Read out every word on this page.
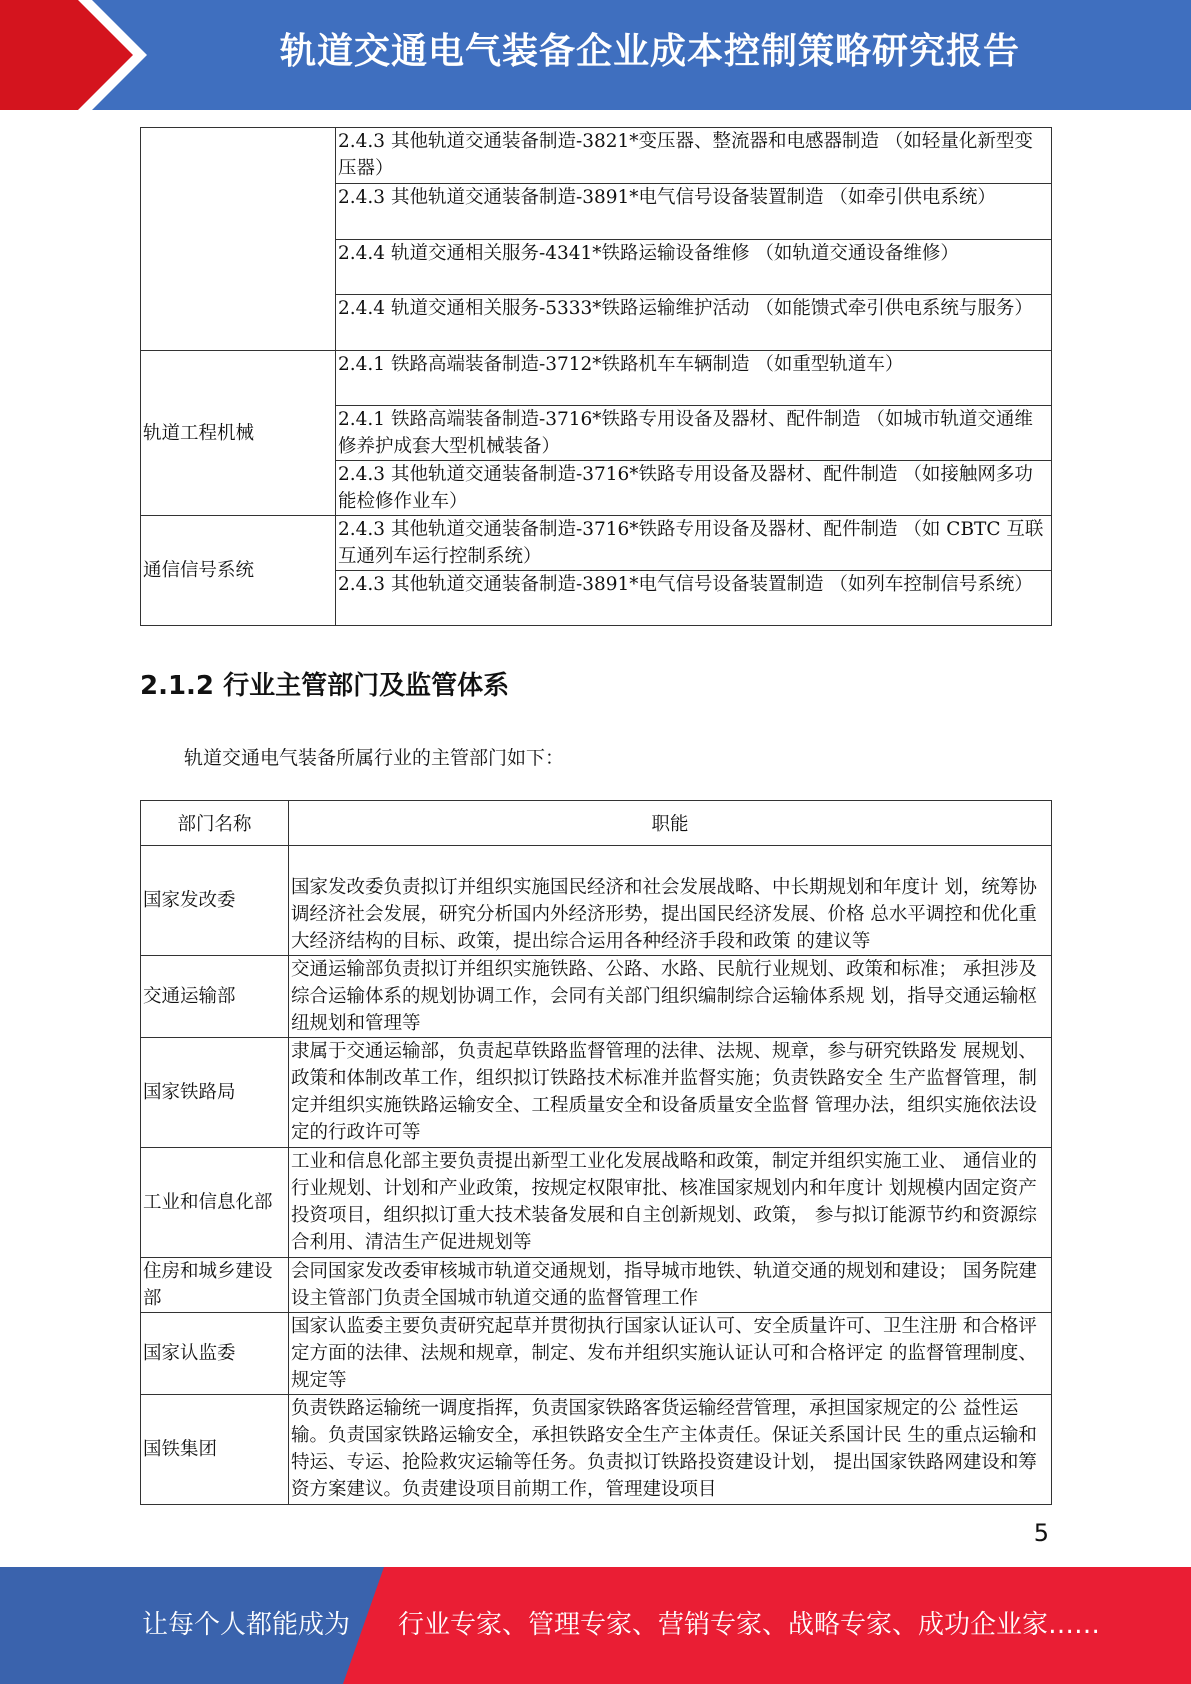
轨道交通电气装备企业成本控制策略研究报告
	2.4.3 其他轨道交通装备制造-3821*变压器、整流器和电感器制造 （如轻量化新型变压器）
	2.4.3 其他轨道交通装备制造-3891*电气信号设备装置制造 （如牵引供电系统）
	2.4.4 轨道交通相关服务-4341*铁路运输设备维修 （如轨道交通设备维修）
	2.4.4 轨道交通相关服务-5333*铁路运输维护活动 （如能馈式牵引供电系统与服务）
轨道工程机械	2.4.1 铁路高端装备制造-3712*铁路机车车辆制造 （如重型轨道车）
	2.4.1 铁路高端装备制造-3716*铁路专用设备及器材、配件制造 （如城市轨道交通维修养护成套大型机械装备）
	2.4.3 其他轨道交通装备制造-3716*铁路专用设备及器材、配件制造 （如接触网多功能检修作业车）
通信信号系统	2.4.3 其他轨道交通装备制造-3716*铁路专用设备及器材、配件制造 （如 CBTC 互联互通列车运行控制系统）
	2.4.3 其他轨道交通装备制造-3891*电气信号设备装置制造 （如列车控制信号系统）
2.1.2 行业主管部门及监管体系
轨道交通电气装备所属行业的主管部门如下：
部门名称	职能
国家发改委	国家发改委负责拟订并组织实施国民经济和社会发展战略、中长期规划和年度计 划，统筹协调经济社会发展，研究分析国内外经济形势，提出国民经济发展、价格 总水平调控和优化重大经济结构的目标、政策，提出综合运用各种经济手段和政策 的建议等
交通运输部	交通运输部负责拟订并组织实施铁路、公路、水路、民航行业规划、政策和标准； 承担涉及综合运输体系的规划协调工作，会同有关部门组织编制综合运输体系规 划，指导交通运输枢纽规划和管理等
国家铁路局	隶属于交通运输部，负责起草铁路监督管理的法律、法规、规章，参与研究铁路发 展规划、政策和体制改革工作，组织拟订铁路技术标准并监督实施；负责铁路安全 生产监督管理，制定并组织实施铁路运输安全、工程质量安全和设备质量安全监督 管理办法，组织实施依法设定的行政许可等
工业和信息化部	工业和信息化部主要负责提出新型工业化发展战略和政策，制定并组织实施工业、 通信业的行业规划、计划和产业政策，按规定权限审批、核准国家规划内和年度计 划规模内固定资产投资项目，组织拟订重大技术装备发展和自主创新规划、政策， 参与拟订能源节约和资源综合利用、清洁生产促进规划等
住房和城乡建设部	会同国家发改委审核城市轨道交通规划，指导城市地铁、轨道交通的规划和建设； 国务院建设主管部门负责全国城市轨道交通的监督管理工作
国家认监委	国家认监委主要负责研究起草并贯彻执行国家认证认可、安全质量许可、卫生注册 和合格评定方面的法律、法规和规章，制定、发布并组织实施认证认可和合格评定 的监督管理制度、规定等
国铁集团	负责铁路运输统一调度指挥，负责国家铁路客货运输经营管理，承担国家规定的公 益性运输。负责国家铁路运输安全，承担铁路安全生产主体责任。保证关系国计民 生的重点运输和特运、专运、抢险救灾运输等任务。负责拟订铁路投资建设计划， 提出国家铁路网建设和筹资方案建议。负责建设项目前期工作，管理建设项目
5
让每个人都能成为 行业专家、管理专家、营销专家、战略专家、成功企业家……
